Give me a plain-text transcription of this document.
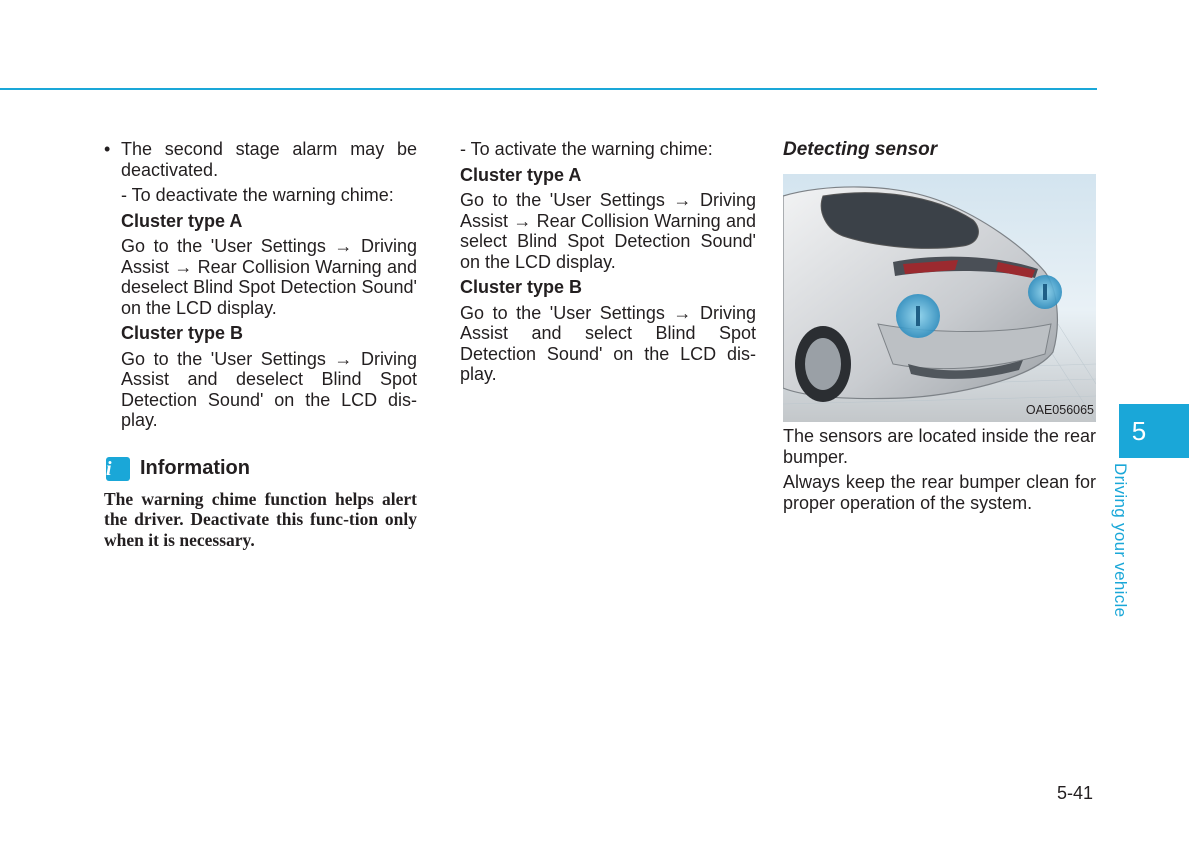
• The second stage alarm may be deactivated.

- To deactivate the warning chime:

Cluster type A

Go to the 'User Settings → Driving Assist → Rear Collision Warning and deselect Blind Spot Detection Sound' on the LCD display.

Cluster type B

Go to the 'User Settings → Driving Assist and deselect Blind Spot Detection Sound' on the LCD dis-play.

i	Information

The warning chime function helps alert the driver. Deactivate this func-tion only when it is necessary.

- To activate the warning chime:

Cluster type A

Go to the 'User Settings → Driving Assist → Rear Collision Warning and select Blind Spot Detection Sound' on the LCD display.

Cluster type B

Go to the 'User Settings → Driving Assist and select Blind Spot Detection Sound' on the LCD dis-play.

Detecting sensor

OAE056065

The sensors are located inside the rear bumper.

Always keep the rear bumper clean for proper operation of the system.

5
Driving your vehicle
5-41
